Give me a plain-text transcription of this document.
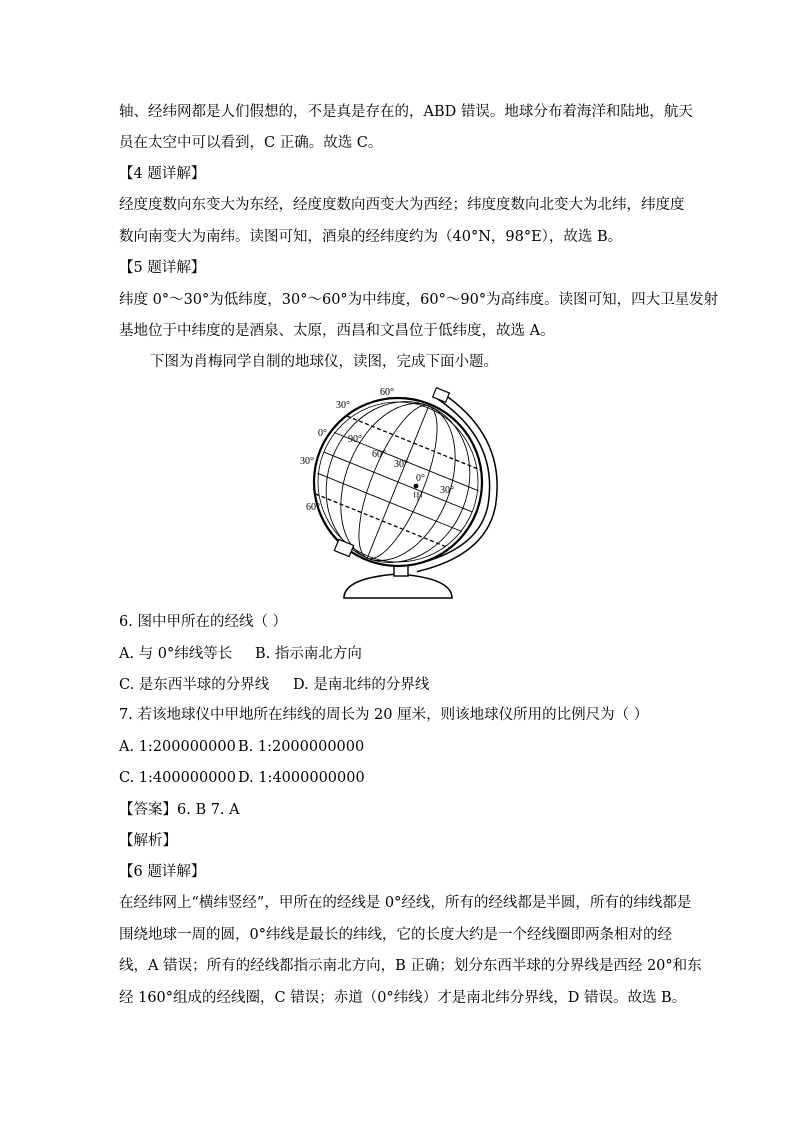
轴、经纬网都是人们假想的，不是真是存在的，ABD 错误。地球分布着海洋和陆地，航天
员在太空中可以看到，C 正确。故选 C。
【4 题详解】
经度度数向东变大为东经，经度度数向西变大为西经；纬度度数向北变大为北纬，纬度度
数向南变大为南纬。读图可知，酒泉的经纬度约为（40°N，98°E），故选 B。
【5 题详解】
纬度 0°～30°为低纬度，30°～60°为中纬度，60°～90°为高纬度。读图可知，四大卫星发射
基地位于中纬度的是酒泉、太原，西昌和文昌位于低纬度，故选 A。
下图为肖梅同学自制的地球仪，读图，完成下面小题。
60°
30°
0°
90°
60°
30°
0°
甲
30°
30°
60°
6. 图中甲所在的经线（ ）
A. 与 0°纬线等长 B. 指示南北方向
C. 是东西半球的分界线 D. 是南北纬的分界线
7. 若该地球仪中甲地所在纬线的周长为 20 厘米，则该地球仪所用的比例尺为（ ）
A. 1:200000000 B. 1:2000000000
C. 1:400000000 D. 1:4000000000
【答案】6. B 7. A
【解析】
【6 题详解】
在经纬网上“横纬竖经”，甲所在的经线是 0°经线，所有的经线都是半圆，所有的纬线都是
围绕地球一周的圆，0°纬线是最长的纬线，它的长度大约是一个经线圈即两条相对的经
线，A 错误；所有的经线都指示南北方向，B 正确；划分东西半球的分界线是西经 20°和东
经 160°组成的经线圈，C 错误；赤道（0°纬线）才是南北纬分界线，D 错误。故选 B。
